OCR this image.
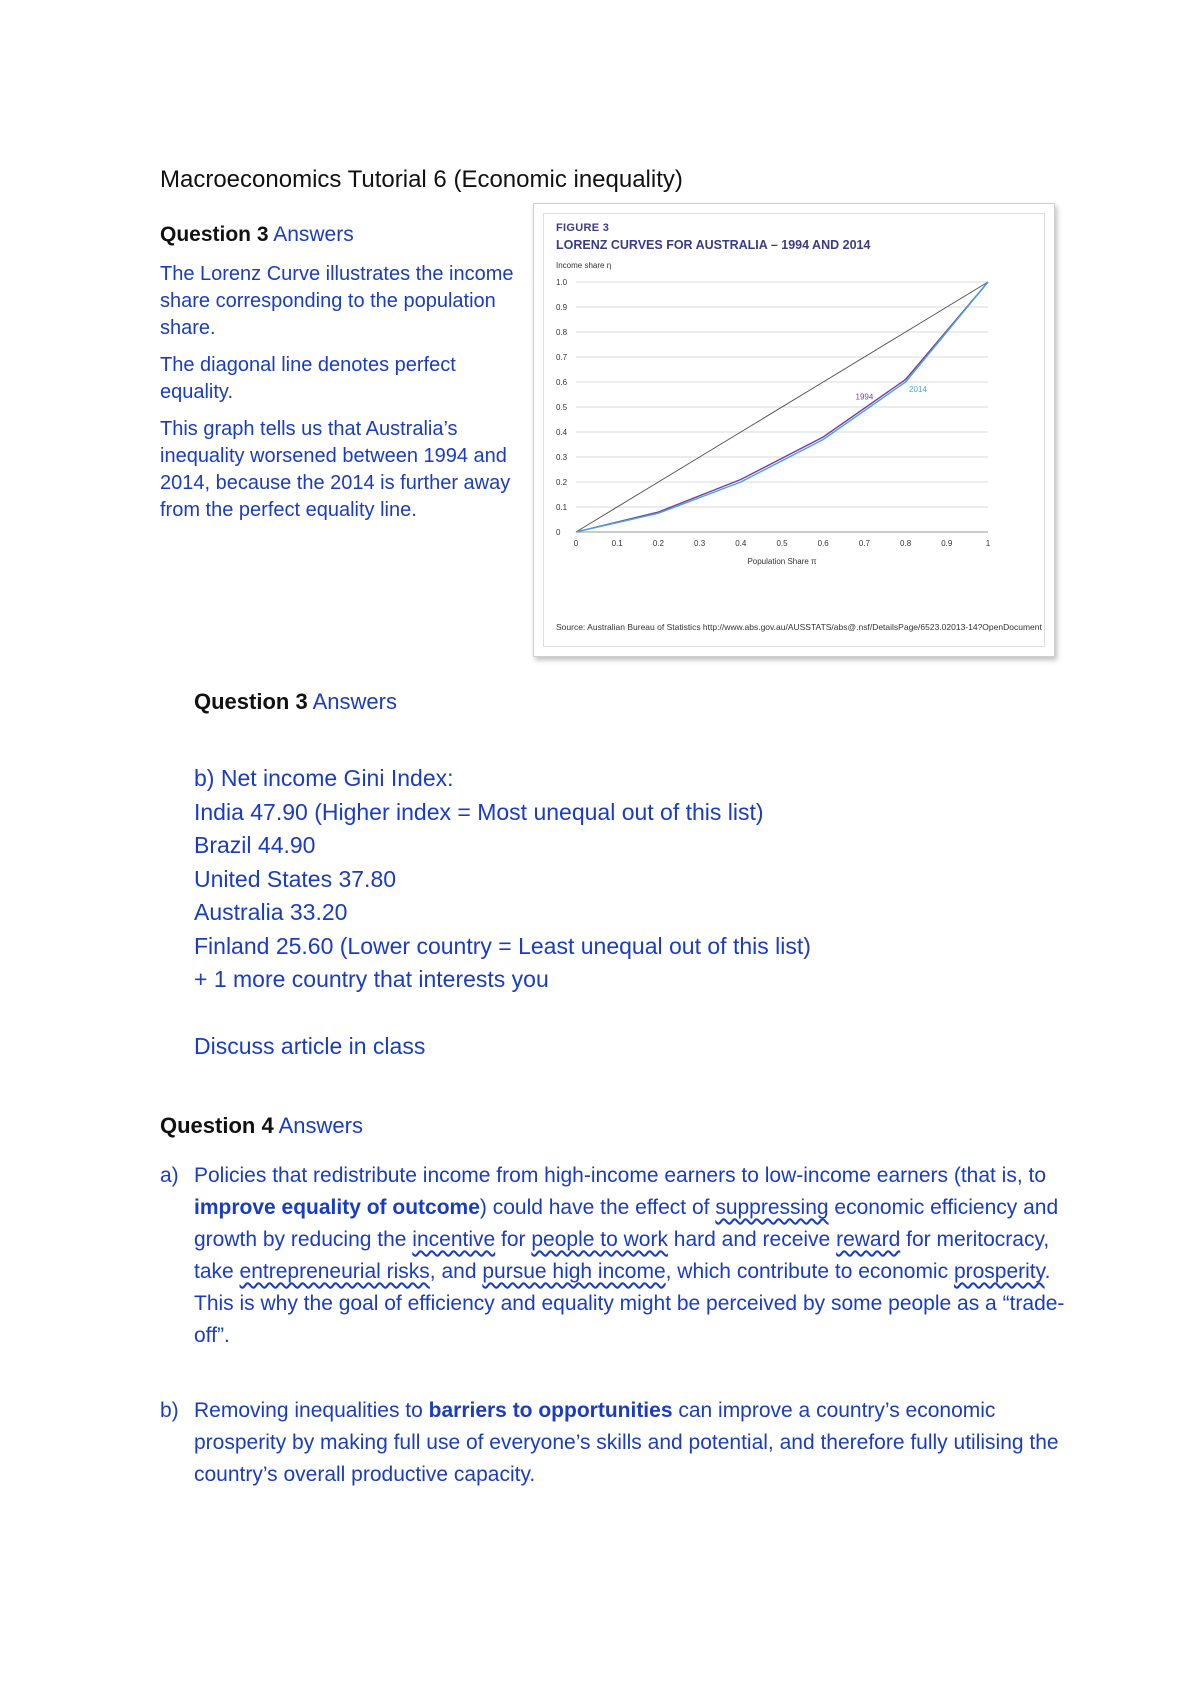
Macroeconomics Tutorial 6 (Economic inequality)
Question 3 Answers

The Lorenz Curve illustrates the income share corresponding to the population share.

The diagonal line denotes perfect equality.

This graph tells us that Australia’s inequality worsened between 1994 and 2014, because the 2014 is further away from the perfect equality line.

FIGURE 3
LORENZ CURVES FOR AUSTRALIA – 1994 AND 2014
Income share η
0
0.1
0.2
0.3
0.4
0.5
0.6
0.7
0.8
0.9
1.0
0	0.1	0.2	0.3	0.4	0.5	0.6	0.7	0.8	0.9	1
Population Share π
1994
2014
Source: Australian Bureau of Statistics http://www.abs.gov.au/AUSSTATS/abs@.nsf/DetailsPage/6523.02013-14?OpenDocument
Question 3 Answers
b) Net income Gini Index:
India 47.90 (Higher index = Most unequal out of this list)
Brazil 44.90
United States 37.80
Australia 33.20
Finland 25.60 (Lower country = Least unequal out of this list)
+ 1 more country that interests you
Discuss article in class
Question 4 Answers
a) Policies that redistribute income from high-income earners to low-income earners (that is, to improve equality of outcome) could have the effect of suppressing economic efficiency and growth by reducing the incentive for people to work hard and receive reward for meritocracy, take entrepreneurial risks, and pursue high income, which contribute to economic prosperity. This is why the goal of efficiency and equality might be perceived by some people as a “trade-off”.
b) Removing inequalities to barriers to opportunities can improve a country’s economic prosperity by making full use of everyone’s skills and potential, and therefore fully utilising the country’s overall productive capacity.
